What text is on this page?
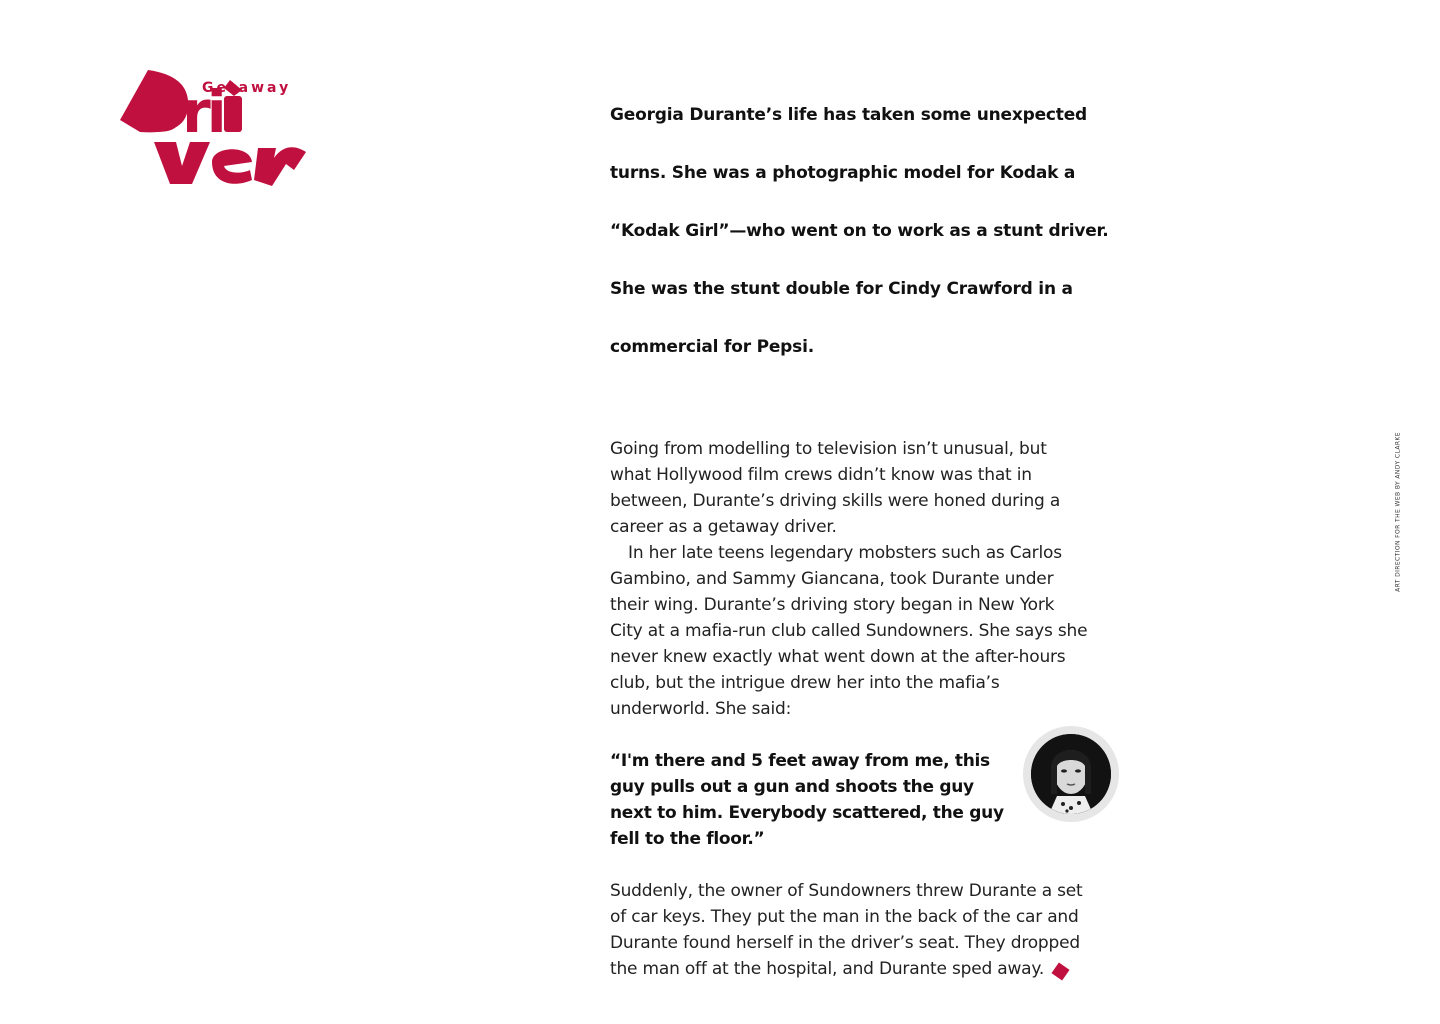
Getaway
Dri	Georgia Durante’s life has taken some unexpected
turns. She was a photographic model for Kodak a
“Kodak Girl”—who went on to work as a stunt driver.
She was the stunt double for Cindy Crawford in a
commercial for Pepsi.

Going from modelling to television isn’t unusual, but what Hollywood film crews didn’t know was that in between, Durante’s driving skills were honed during a career as a getaway driver.

In her late teens legendary mobsters such as Carlos Gambino, and Sammy Giancana, took Durante under their wing. Durante’s driving story began in New York City at a mafia-run club called Sundowners. She says she never knew exactly what went down at the after-hours club, but the intrigue drew her into the mafia’s underworld. She said:

“I'm there and 5 feet away from me, this guy pulls out a gun and shoots the guy next to him. Everybody scattered, the guy fell to the floor.”

Suddenly, the owner of Sundowners threw Durante a set of car keys. They put the man in the back of the car and Durante found herself in the driver’s seat. They dropped the man off at the hospital, and Durante sped away.

ART DIRECTION FOR THE WEB BY ANDY CLARKE
